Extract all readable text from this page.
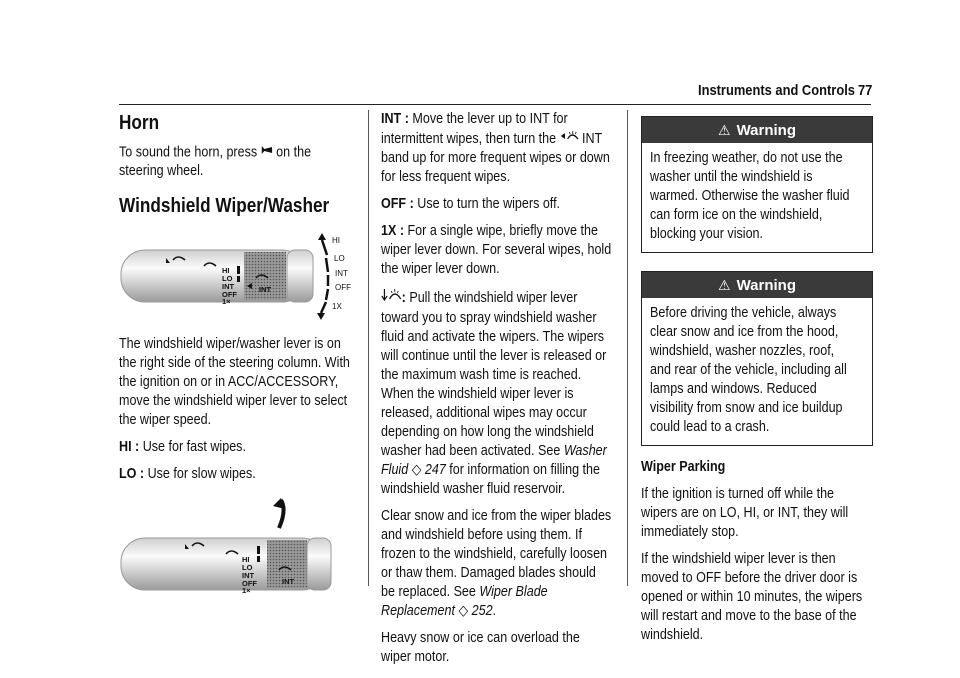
Instruments and Controls 77
Horn

To sound the horn, press on the steering wheel.

Windshield Wiper/Washer
HI
LO
INT
OFF
1×
INT
HI
LO
INT
OFF
1X

The windshield wiper/washer lever is on the right side of the steering column. With the ignition on or in ACC/ACCESSORY, move the windshield wiper lever to select the wiper speed.

HI : Use for fast wipes.

LO : Use for slow wipes.

HI
LO
INT
OFF
1×
INT

INT : Move the lever up to INT for intermittent wipes, then turn the INT band up for more frequent wipes or down for less frequent wipes.

OFF : Use to turn the wipers off.

1X : For a single wipe, briefly move the wiper lever down. For several wipes, hold the wiper lever down.

: Pull the windshield wiper lever toward you to spray windshield washer fluid and activate the wipers. The wipers will continue until the lever is released or the maximum wash time is reached. When the windshield wiper lever is released, additional wipes may occur depending on how long the windshield washer had been activated. See Washer Fluid ◇ 247 for information on filling the windshield washer fluid reservoir.

Clear snow and ice from the wiper blades and windshield before using them. If frozen to the windshield, carefully loosen or thaw them. Damaged blades should be replaced. See Wiper Blade Replacement ◇ 252.

Heavy snow or ice can overload the wiper motor.

⚠ Warning

In freezing weather, do not use the washer until the windshield is warmed. Otherwise the washer fluid can form ice on the windshield, blocking your vision.

⚠ Warning

Before driving the vehicle, always clear snow and ice from the hood, windshield, washer nozzles, roof, and rear of the vehicle, including all lamps and windows. Reduced visibility from snow and ice buildup could lead to a crash.

Wiper Parking

If the ignition is turned off while the wipers are on LO, HI, or INT, they will immediately stop.

If the windshield wiper lever is then moved to OFF before the driver door is opened or within 10 minutes, the wipers will restart and move to the base of the windshield.
